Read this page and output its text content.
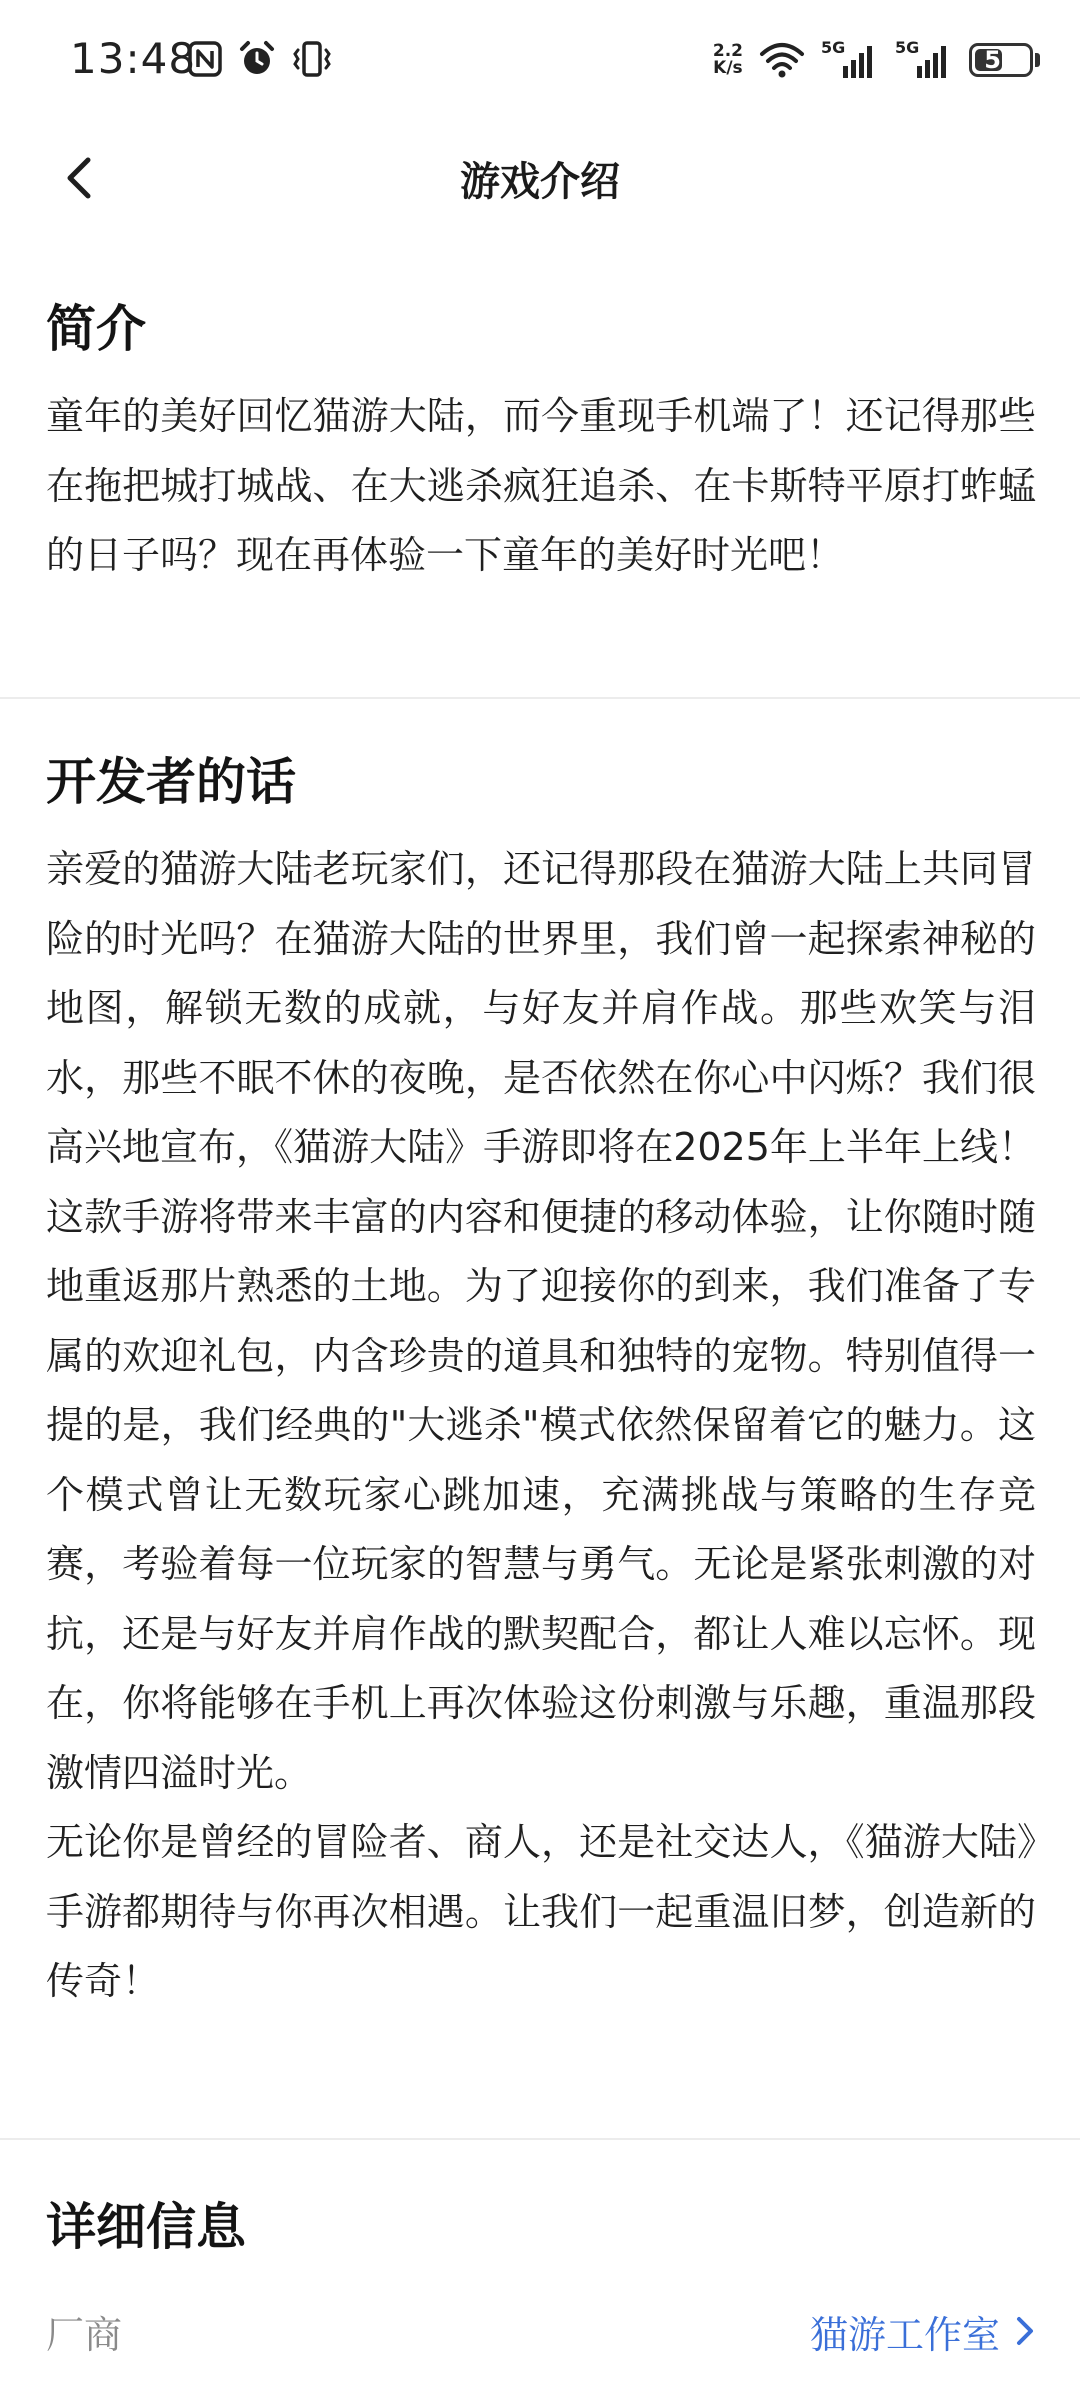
13:48	2.2
K/s
5G	5G	52
游戏介绍
简介

童年的美好回忆猫游大陆，而今重现手机端了！还记得那些在拖把城打城战、在大逃杀疯狂追杀、在卡斯特平原打蚱蜢的日子吗？现在再体验一下童年的美好时光吧！

开发者的话

亲爱的猫游大陆老玩家们，还记得那段在猫游大陆上共同冒险的时光吗？在猫游大陆的世界里，我们曾一起探索神秘的地图，解锁无数的成就，与好友并肩作战。那些欢笑与泪水，那些不眠不休的夜晚，是否依然在你心中闪烁？我们很高兴地宣布，《猫游大陆》手游即将在2025年上半年上线！这款手游将带来丰富的内容和便捷的移动体验，让你随时随地重返那片熟悉的土地。为了迎接你的到来，我们准备了专属的欢迎礼包，内含珍贵的道具和独特的宠物。特别值得一提的是，我们经典的"大逃杀"模式依然保留着它的魅力。这个模式曾让无数玩家心跳加速，充满挑战与策略的生存竞赛，考验着每一位玩家的智慧与勇气。无论是紧张刺激的对抗，还是与好友并肩作战的默契配合，都让人难以忘怀。现在，你将能够在手机上再次体验这份刺激与乐趣，重温那段激情四溢时光。

无论你是曾经的冒险者、商人，还是社交达人，《猫游大陆》手游都期待与你再次相遇。让我们一起重温旧梦，创造新的传奇！

详细信息
厂商	猫游工作室
